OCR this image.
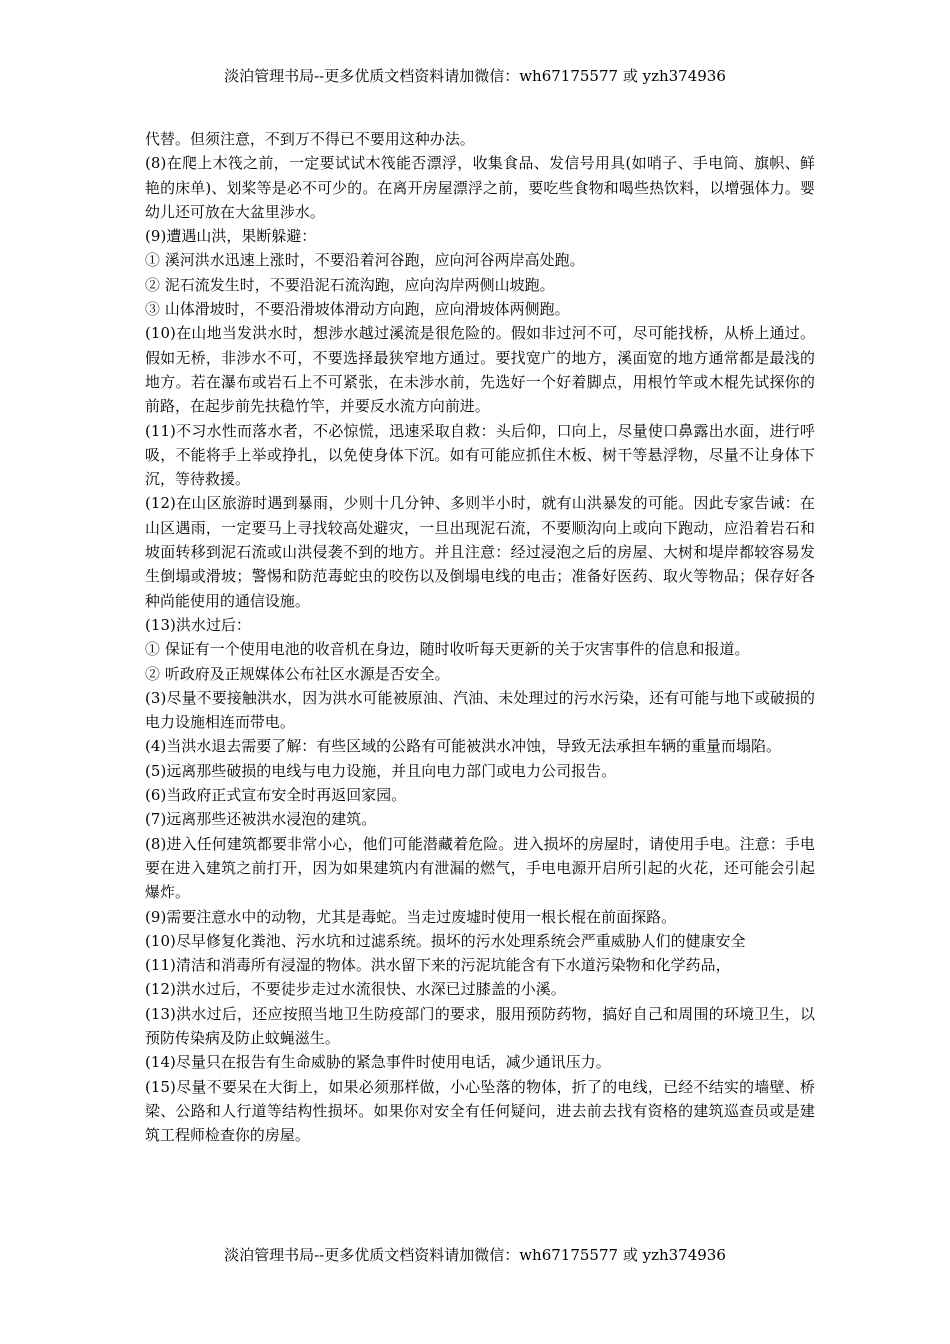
淡泊管理书局--更多优质文档资料请加微信：wh67175577 或 yzh374936

代替。但须注意，不到万不得已不要用这种办法。

(8)在爬上木筏之前，一定要试试木筏能否漂浮，收集食品、发信号用具(如哨子、手电筒、旗帜、鲜艳的床单)、划桨等是必不可少的。在离开房屋漂浮之前，要吃些食物和喝些热饮料，以增强体力。婴幼儿还可放在大盆里涉水。

(9)遭遇山洪，果断躲避：

① 溪河洪水迅速上涨时，不要沿着河谷跑，应向河谷两岸高处跑。

② 泥石流发生时，不要沿泥石流沟跑，应向沟岸两侧山坡跑。

③ 山体滑坡时，不要沿滑坡体滑动方向跑，应向滑坡体两侧跑。

(10)在山地当发洪水时，想涉水越过溪流是很危险的。假如非过河不可，尽可能找桥，从桥上通过。假如无桥，非涉水不可，不要选择最狭窄地方通过。要找宽广的地方，溪面宽的地方通常都是最浅的地方。若在瀑布或岩石上不可紧张，在未涉水前，先选好一个好着脚点，用根竹竿或木棍先试探你的前路，在起步前先扶稳竹竿，并要反水流方向前进。

(11)不习水性而落水者，不必惊慌，迅速采取自救：头后仰，口向上，尽量使口鼻露出水面，进行呼吸，不能将手上举或挣扎，以免使身体下沉。如有可能应抓住木板、树干等悬浮物，尽量不让身体下沉，等待救援。

(12)在山区旅游时遇到暴雨，少则十几分钟、多则半小时，就有山洪暴发的可能。因此专家告诫：在山区遇雨，一定要马上寻找较高处避灾，一旦出现泥石流，不要顺沟向上或向下跑动，应沿着岩石和坡面转移到泥石流或山洪侵袭不到的地方。并且注意：经过浸泡之后的房屋、大树和堤岸都较容易发生倒塌或滑坡；警惕和防范毒蛇虫的咬伤以及倒塌电线的电击；准备好医药、取火等物品；保存好各种尚能使用的通信设施。

(13)洪水过后：

① 保证有一个使用电池的收音机在身边，随时收听每天更新的关于灾害事件的信息和报道。

② 听政府及正规媒体公布社区水源是否安全。

(3)尽量不要接触洪水，因为洪水可能被原油、汽油、未处理过的污水污染，还有可能与地下或破损的电力设施相连而带电。

(4)当洪水退去需要了解：有些区域的公路有可能被洪水冲蚀，导致无法承担车辆的重量而塌陷。

(5)远离那些破损的电线与电力设施，并且向电力部门或电力公司报告。

(6)当政府正式宣布安全时再返回家园。

(7)远离那些还被洪水浸泡的建筑。

(8)进入任何建筑都要非常小心，他们可能潜藏着危险。进入损坏的房屋时，请使用手电。注意：手电要在进入建筑之前打开，因为如果建筑内有泄漏的燃气，手电电源开启所引起的火花，还可能会引起爆炸。

(9)需要注意水中的动物，尤其是毒蛇。当走过废墟时使用一根长棍在前面探路。

(10)尽早修复化粪池、污水坑和过滤系统。损坏的污水处理系统会严重威胁人们的健康安全

(11)清洁和消毒所有浸湿的物体。洪水留下来的污泥坑能含有下水道污染物和化学药品，

(12)洪水过后，不要徒步走过水流很快、水深已过膝盖的小溪。

(13)洪水过后，还应按照当地卫生防疫部门的要求，服用预防药物，搞好自己和周围的环境卫生，以预防传染病及防止蚊蝇滋生。

(14)尽量只在报告有生命威胁的紧急事件时使用电话，减少通讯压力。

(15)尽量不要呆在大街上，如果必须那样做，小心坠落的物体，折了的电线，已经不结实的墙壁、桥梁、公路和人行道等结构性损坏。如果你对安全有任何疑问，进去前去找有资格的建筑巡查员或是建筑工程师检查你的房屋。

淡泊管理书局--更多优质文档资料请加微信：wh67175577 或 yzh374936
